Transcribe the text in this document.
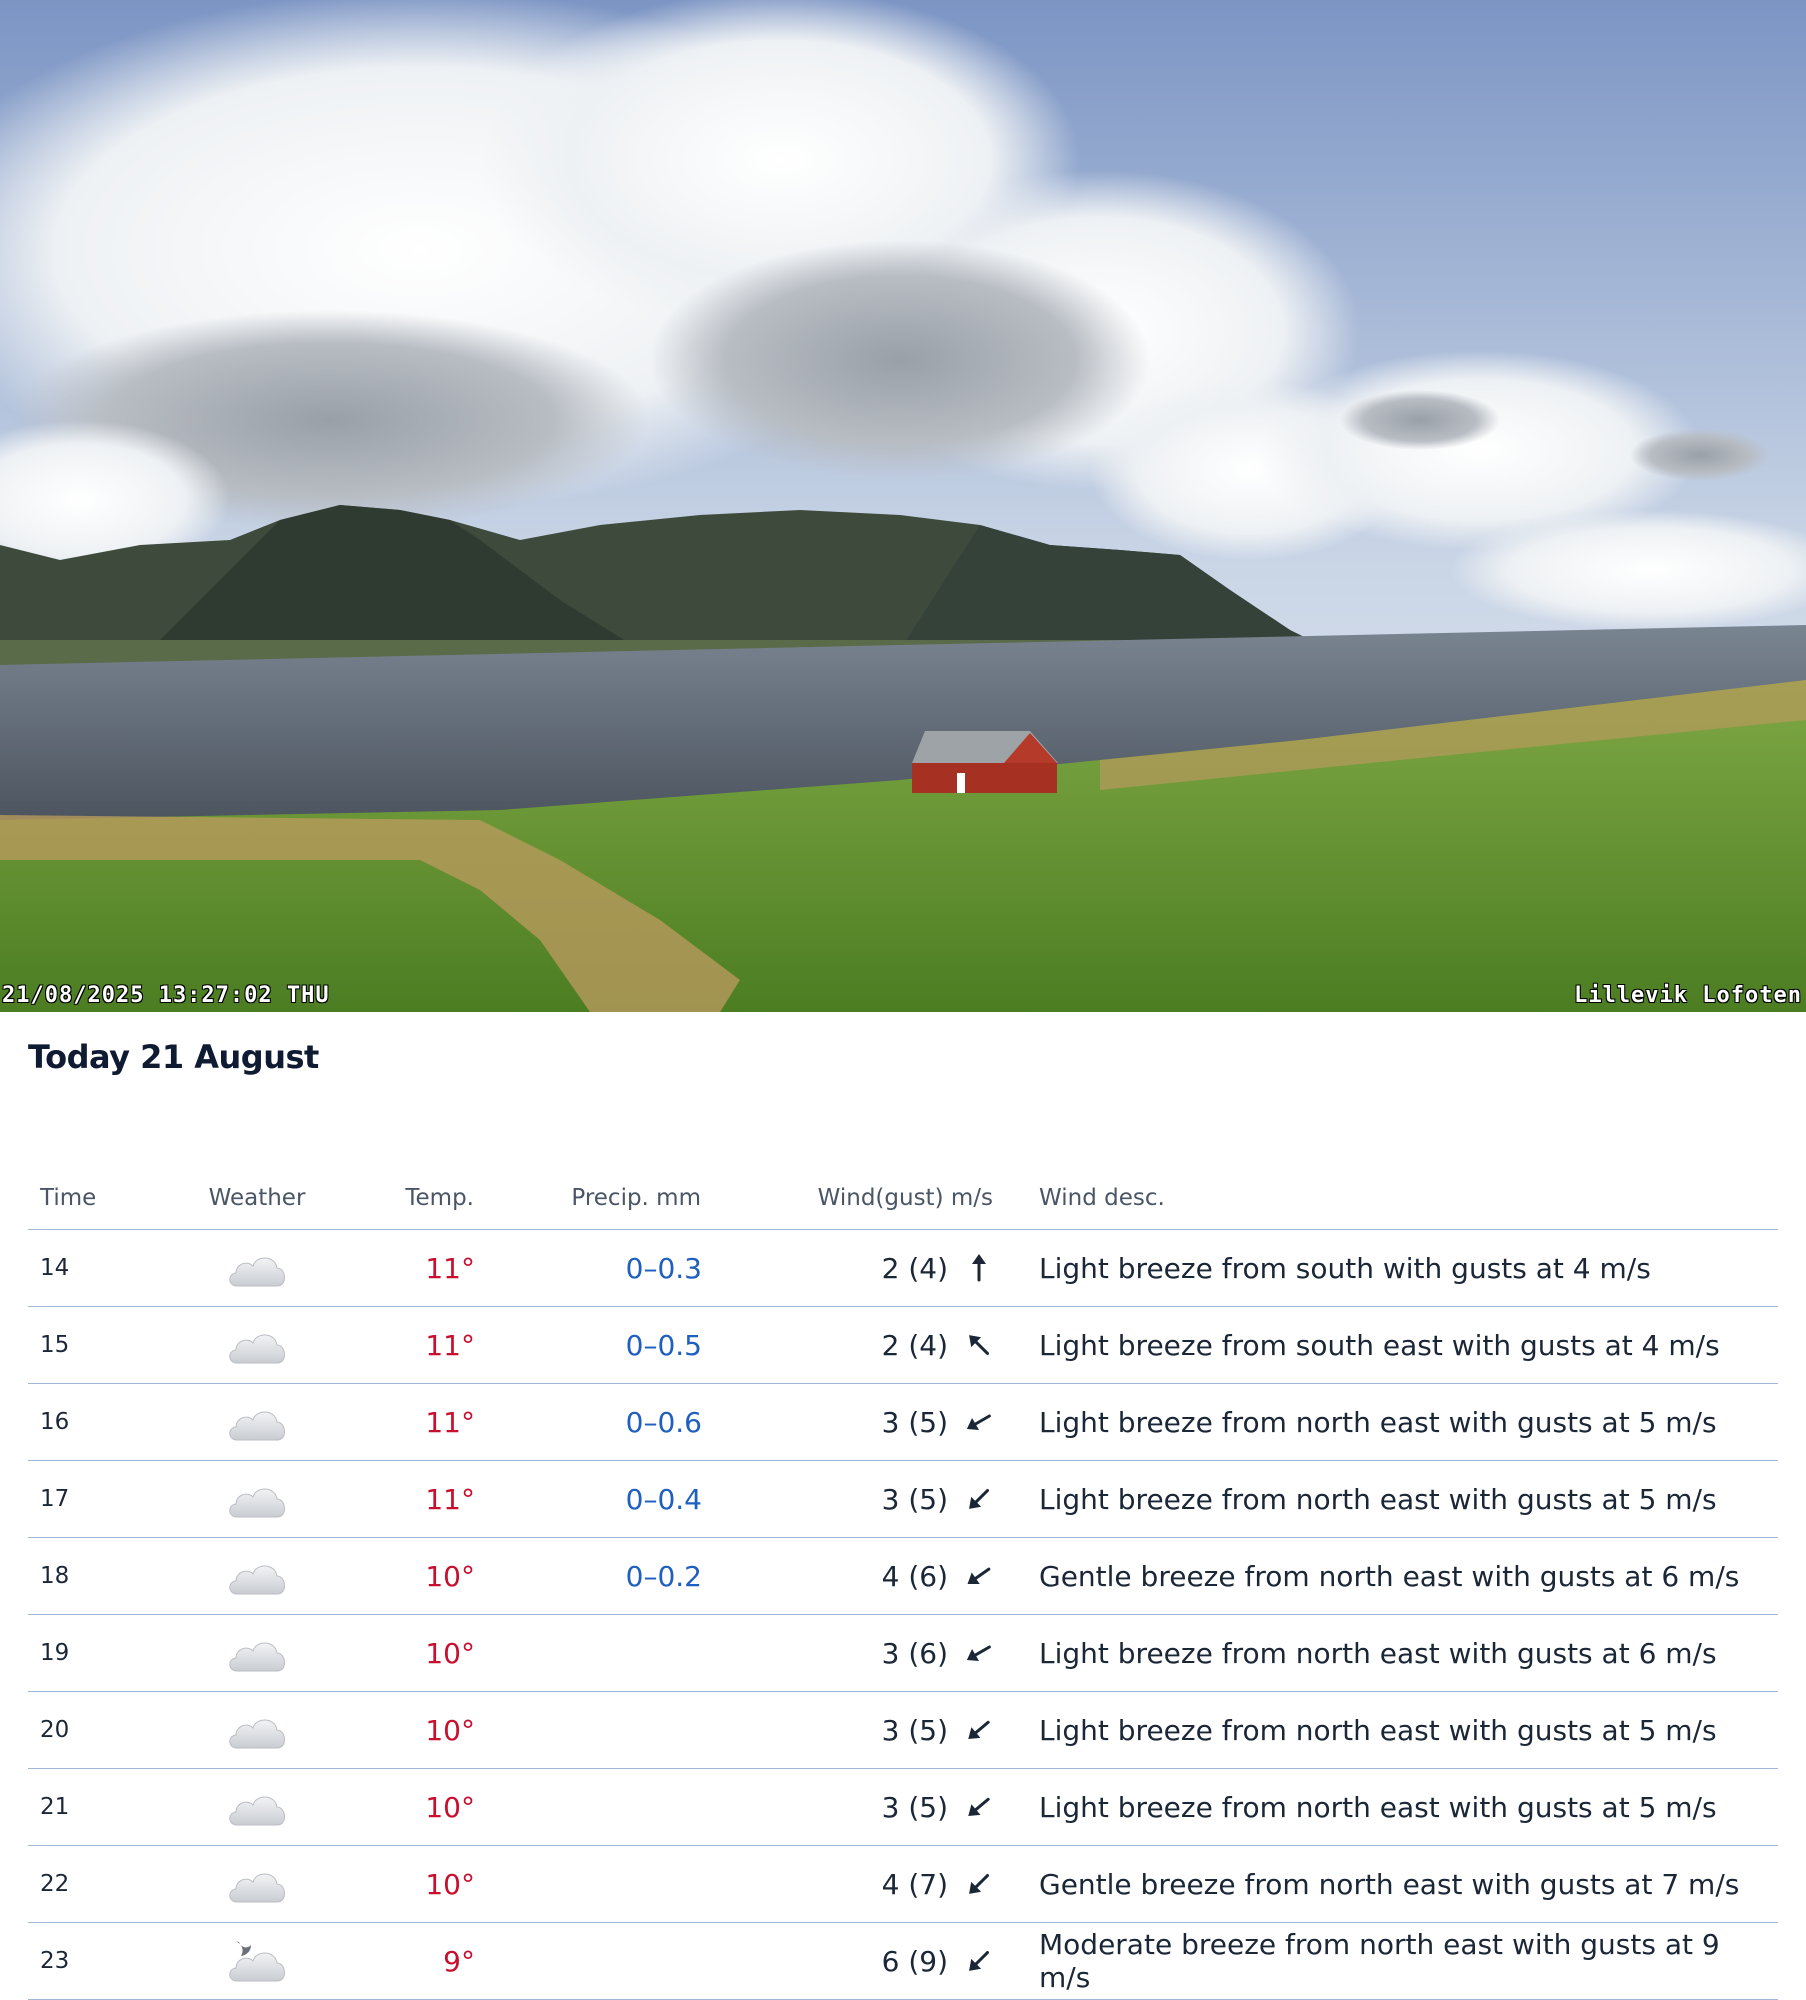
21/08/2025 13:27:02 THU	Lillevik Lofoten
Today 21 August
Time	Weather	Temp.	Precip. mm	Wind(gust) m/s	Wind desc.
14		11°	0–0.3	2 (4)	Light breeze from south with gusts at 4 m/s
15		11°	0–0.5	2 (4)	Light breeze from south east with gusts at 4 m/s
16		11°	0–0.6	3 (5)	Light breeze from north east with gusts at 5 m/s
17		11°	0–0.4	3 (5)	Light breeze from north east with gusts at 5 m/s
18		10°	0–0.2	4 (6)	Gentle breeze from north east with gusts at 6 m/s
19		10°		3 (6)	Light breeze from north east with gusts at 6 m/s
20		10°		3 (5)	Light breeze from north east with gusts at 5 m/s
21		10°		3 (5)	Light breeze from north east with gusts at 5 m/s
22		10°		4 (7)	Gentle breeze from north east with gusts at 7 m/s
23		9°		6 (9)	Moderate breeze from north east with gusts at 9 m/s
